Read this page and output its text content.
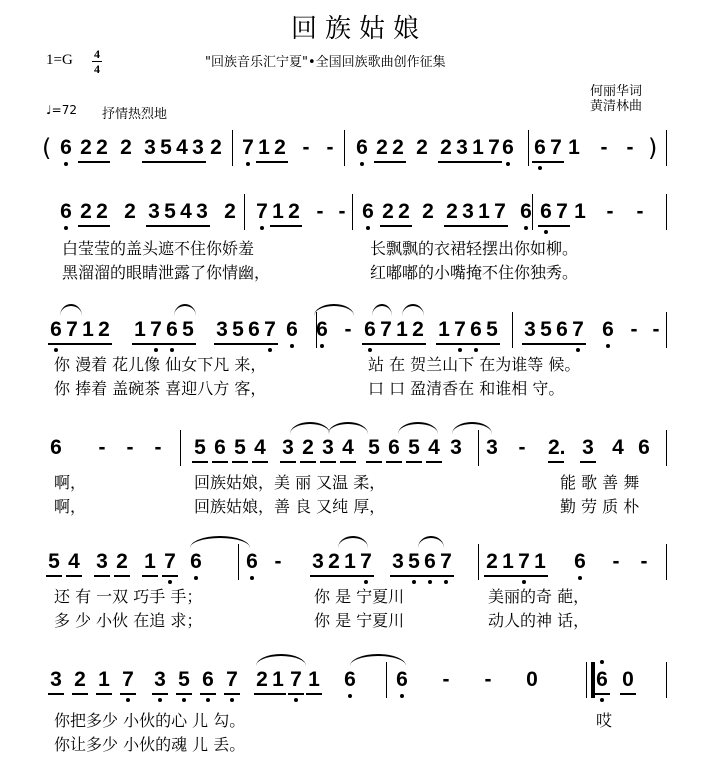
回族姑娘
1=G 4
4	"回族音乐汇宁夏"•全国回族歌曲创作征集
何丽华词
黄清林曲
♩=72 抒情热烈地
(	)
6 2 2 2 3 5 4 3 2 7 1 2 - - 6 2 2 2 2 3 1 7 6 6 7 1 - -
白莹莹的盖头遮不住你娇羞	长飘飘的衣裙轻摆出你如柳。
黑溜溜的眼睛泄露了你情幽，	红嘟嘟的小嘴掩不住你独秀。
6 2 2 2 3 5 4 3 2 7 1 2 - - 6 2 2 2 2 3 1 7 6 6 7 1 - -
你 漫着 花儿像 仙女下凡 来，	站 在 贺兰山下 在为谁等 候。
你 捧着 盖碗茶 喜迎八方 客，	口 口 盈清香在 和谁相 守。
6 7 1 2 1 7 6 5 3 5 6 7 6 6 - 6 7 1 2 1 7 6 5 3 5 6 7 6 - -
啊，	回族姑娘，美 丽 又温 柔，	能 歌 善 舞
啊，	回族姑娘，善 良 又纯 厚，	勤 劳 质 朴
6 - - - 5 6 5 4 3 2 3 4 5 6 5 4 3 3 - 2. 3 4 6
还 有 一双 巧手 手；	你 是 宁夏川	美丽的奇 葩，
多 少 小伙 在追 求；	你 是 宁夏川	动人的神 话，
5 4 3 2 1 7 6 6 - 3 2 1 7 3 5 6 7 2 1 7 1 6 - -
你把多少 小伙的心 儿 勾。	哎
你让多少 小伙的魂 儿 丢。
3 2 1 7 3 5 6 7 2 1 7 1 6 6 - - 0	6 0
